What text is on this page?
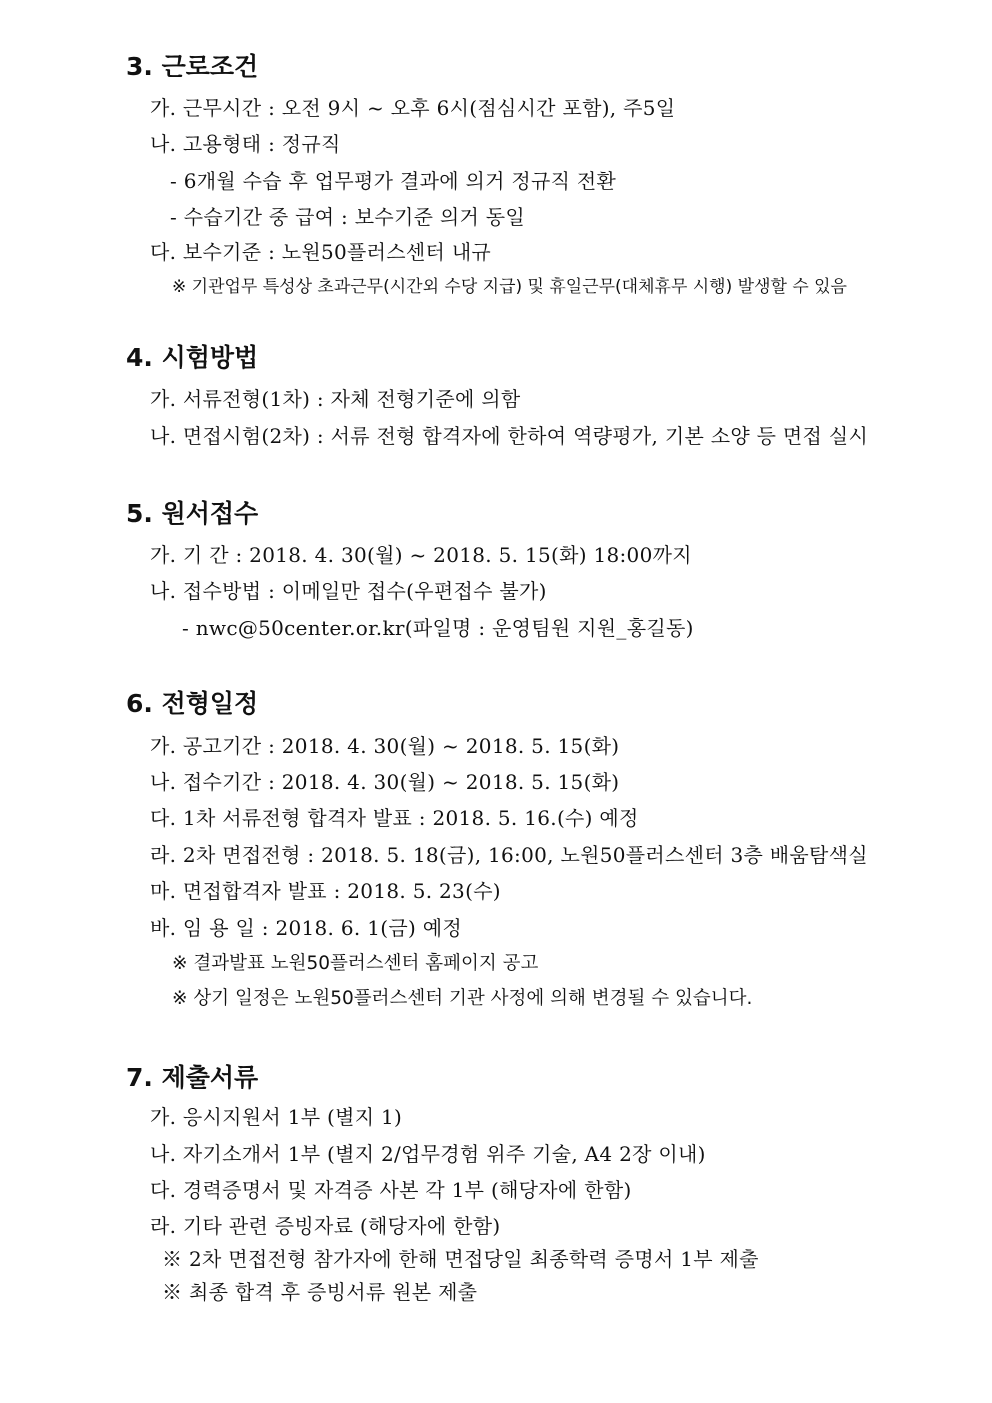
3. 근로조건
가. 근무시간 : 오전 9시 ~ 오후 6시(점심시간 포함), 주5일
나. 고용형태 : 정규직
- 6개월 수습 후 업무평가 결과에 의거 정규직 전환
- 수습기간 중 급여 : 보수기준 의거 동일
다. 보수기준 : 노원50플러스센터 내규
※ 기관업무 특성상 초과근무(시간외 수당 지급) 및 휴일근무(대체휴무 시행) 발생할 수 있음
4. 시험방법
가. 서류전형(1차) : 자체 전형기준에 의함
나. 면접시험(2차) : 서류 전형 합격자에 한하여 역량평가, 기본 소양 등 면접 실시
5. 원서접수
가. 기 간 : 2018. 4. 30(월) ~ 2018. 5. 15(화) 18:00까지
나. 접수방법 : 이메일만 접수(우편접수 불가)
- nwc@50center.or.kr(파일명 : 운영팀원 지원_홍길동)
6. 전형일정
가. 공고기간 : 2018. 4. 30(월) ~ 2018. 5. 15(화)
나. 접수기간 : 2018. 4. 30(월) ~ 2018. 5. 15(화)
다. 1차 서류전형 합격자 발표 : 2018. 5. 16.(수) 예정
라. 2차 면접전형 : 2018. 5. 18(금), 16:00, 노원50플러스센터 3층 배움탐색실
마. 면접합격자 발표 : 2018. 5. 23(수)
바. 임 용 일 : 2018. 6. 1(금) 예정
※ 결과발표 노원50플러스센터 홈페이지 공고
※ 상기 일정은 노원50플러스센터 기관 사정에 의해 변경될 수 있습니다.
7. 제출서류
가. 응시지원서 1부 (별지 1)
나. 자기소개서 1부 (별지 2/업무경험 위주 기술, A4 2장 이내)
다. 경력증명서 및 자격증 사본 각 1부 (해당자에 한함)
라. 기타 관련 증빙자료 (해당자에 한함)
※ 2차 면접전형 참가자에 한해 면접당일 최종학력 증명서 1부 제출
※ 최종 합격 후 증빙서류 원본 제출
